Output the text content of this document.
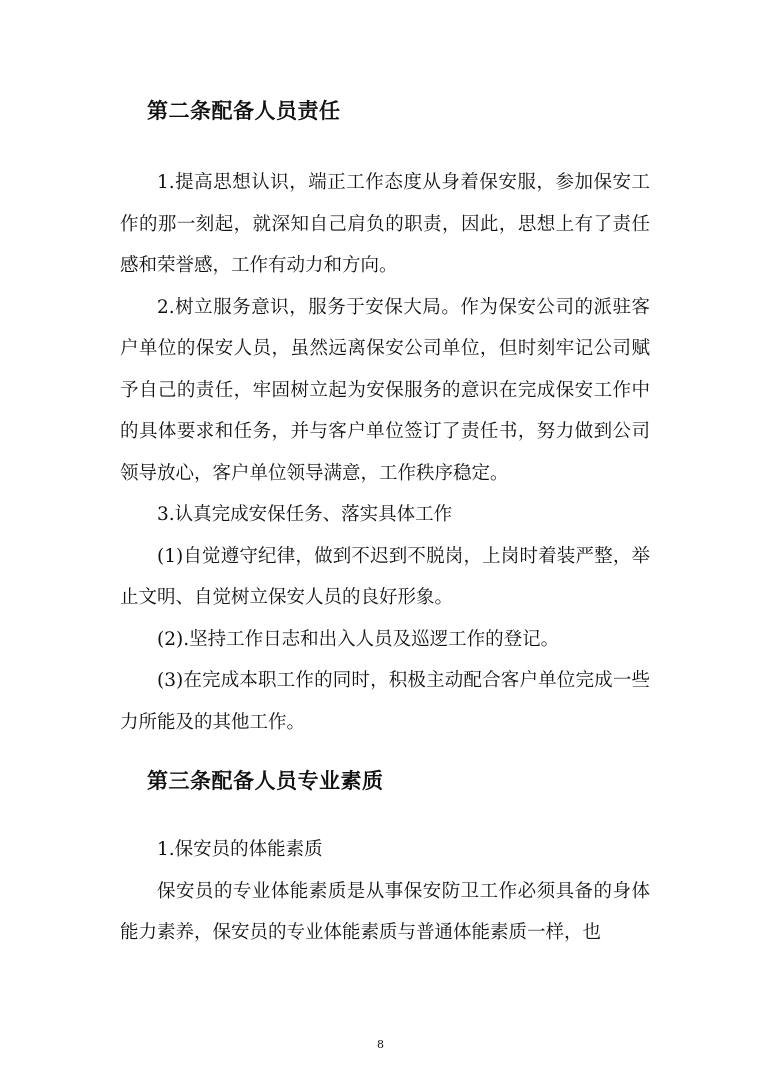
第二条配备人员责任

1.提高思想认识，端正工作态度从身着保安服，参加保安工作的那一刻起，就深知自己肩负的职责，因此，思想上有了责任感和荣誉感，工作有动力和方向。

2.树立服务意识，服务于安保大局。作为保安公司的派驻客户单位的保安人员，虽然远离保安公司单位，但时刻牢记公司赋予自己的责任，牢固树立起为安保服务的意识在完成保安工作中的具体要求和任务，并与客户单位签订了责任书，努力做到公司领导放心，客户单位领导满意，工作秩序稳定。

3.认真完成安保任务、落实具体工作

(1)自觉遵守纪律，做到不迟到不脱岗，上岗时着装严整，举止文明、自觉树立保安人员的良好形象。

(2).坚持工作日志和出入人员及巡逻工作的登记。

(3)在完成本职工作的同时，积极主动配合客户单位完成一些力所能及的其他工作。

第三条配备人员专业素质

1.保安员的体能素质

保安员的专业体能素质是从事保安防卫工作必须具备的身体能力素养，保安员的专业体能素质与普通体能素质一样，也

8
